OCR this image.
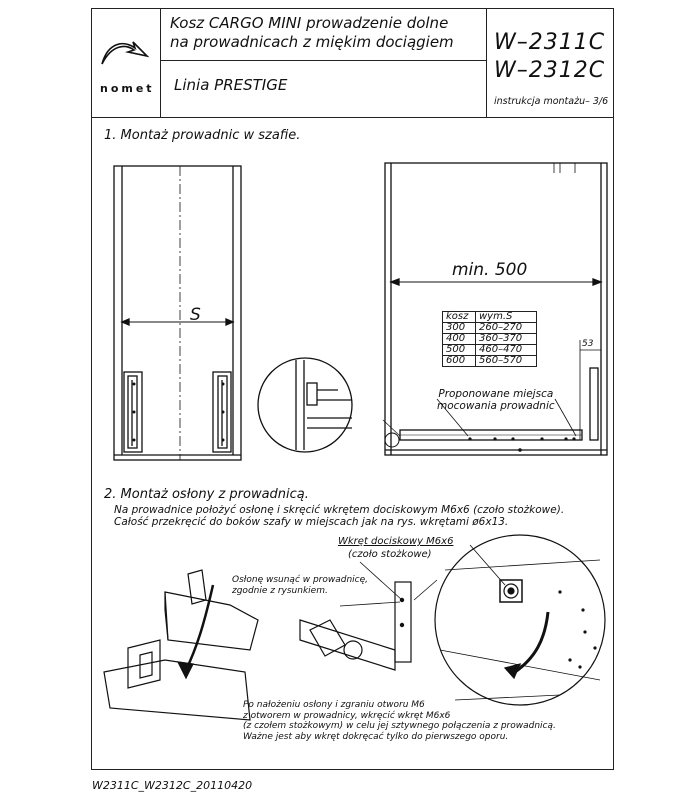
nomet
Kosz CARGO MINI prowadzenie dolne
na prowadnicach z miękim dociągiem
Linia PRESTIGE
W–2311C
W–2312C
instrukcja montażu– 3/6
1. Montaż prowadnic w szafie.
S
min. 500
53
kosz	wym.S
300	260–270
400	360–370
500	460–470
600	560–570
Proponowane miejsca
mocowania prowadnic
2. Montaż osłony z prowadnicą.
Na prowadnice położyć osłonę i skręcić wkrętem dociskowym M6x6 (czoło stożkowe).
Całość przekręcić do boków szafy w miejscach jak na rys. wkrętami ø6x13.
Wkręt dociskowy M6x6
(czoło stożkowe)
Osłonę wsunąć w prowadnicę,
zgodnie z rysunkiem.
Po nałożeniu osłony i zgraniu otworu M6
z otworem w prowadnicy, wkręcić wkręt M6x6
(z czołem stożkowym) w celu jej sztywnego połączenia z prowadnicą.
Ważne jest aby wkręt dokręcać tylko do pierwszego oporu.
W2311C_W2312C_20110420
